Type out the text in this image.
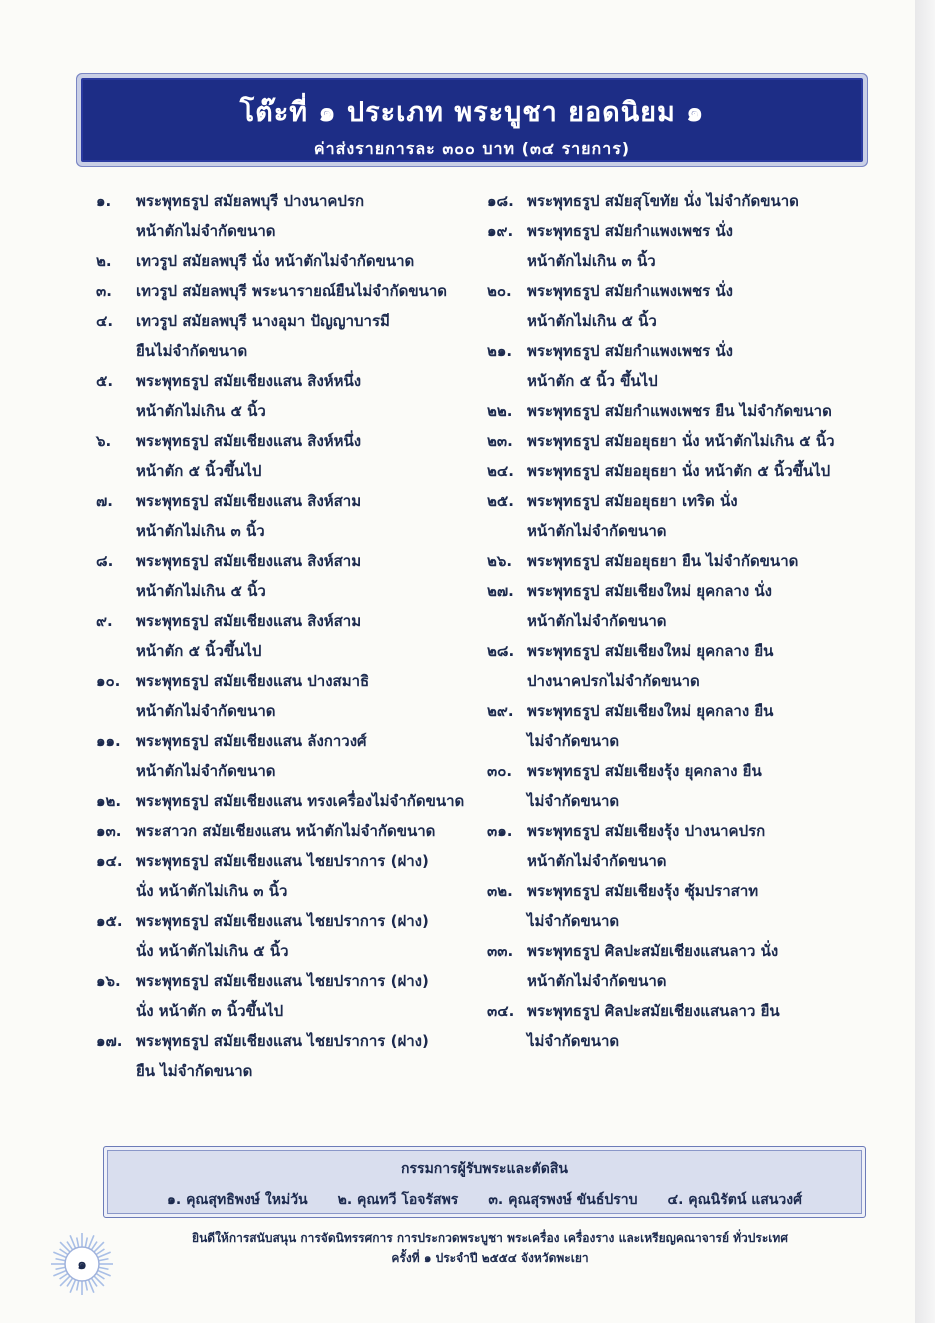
โต๊ะที่ ๑ ประเภท พระบูชา ยอดนิยม ๑
ค่าส่งรายการละ ๓๐๐ บาท (๓๔ รายการ)
๑.	พระพุทธรูป สมัยลพบุรี ปางนาคปรก
หน้าตักไม่จำกัดขนาด
๒.	เทวรูป สมัยลพบุรี นั่ง หน้าตักไม่จำกัดขนาด
๓.	เทวรูป สมัยลพบุรี พระนารายณ์ยืนไม่จำกัดขนาด
๔.	เทวรูป สมัยลพบุรี นางอุมา ปัญญาบารมี
ยืนไม่จำกัดขนาด
๕.	พระพุทธรูป สมัยเชียงแสน สิงห์หนึ่ง
หน้าตักไม่เกิน ๕ นิ้ว
๖.	พระพุทธรูป สมัยเชียงแสน สิงห์หนึ่ง
หน้าตัก ๕ นิ้วขึ้นไป
๗.	พระพุทธรูป สมัยเชียงแสน สิงห์สาม
หน้าตักไม่เกิน ๓ นิ้ว
๘.	พระพุทธรูป สมัยเชียงแสน สิงห์สาม
หน้าตักไม่เกิน ๕ นิ้ว
๙.	พระพุทธรูป สมัยเชียงแสน สิงห์สาม
หน้าตัก ๕ นิ้วขึ้นไป
๑๐.	พระพุทธรูป สมัยเชียงแสน ปางสมาธิ
หน้าตักไม่จำกัดขนาด
๑๑.	พระพุทธรูป สมัยเชียงแสน ลังกาวงศ์
หน้าตักไม่จำกัดขนาด
๑๒. พระพุทธรูป สมัยเชียงแสน ทรงเครื่องไม่จำกัดขนาด
๑๓. พระสาวก สมัยเชียงแสน หน้าตักไม่จำกัดขนาด
๑๔. พระพุทธรูป สมัยเชียงแสน ไชยปราการ (ฝาง)
นั่ง หน้าตักไม่เกิน ๓ นิ้ว
๑๕. พระพุทธรูป สมัยเชียงแสน ไชยปราการ (ฝาง)
นั่ง หน้าตักไม่เกิน ๕ นิ้ว
๑๖.	พระพุทธรูป สมัยเชียงแสน ไชยปราการ (ฝาง)
นั่ง หน้าตัก ๓ นิ้วขึ้นไป
๑๗. พระพุทธรูป สมัยเชียงแสน ไชยปราการ (ฝาง)
ยืน ไม่จำกัดขนาด
๑๘. พระพุทธรูป สมัยสุโขทัย นั่ง ไม่จำกัดขนาด
๑๙. พระพุทธรูป สมัยกำแพงเพชร นั่ง
หน้าตักไม่เกิน ๓ นิ้ว
๒๐.	พระพุทธรูป สมัยกำแพงเพชร นั่ง
หน้าตักไม่เกิน ๕ นิ้ว
๒๑. พระพุทธรูป สมัยกำแพงเพชร นั่ง
หน้าตัก ๕ นิ้ว ขึ้นไป
๒๒. พระพุทธรูป สมัยกำแพงเพชร ยืน ไม่จำกัดขนาด
๒๓. พระพุทธรูป สมัยอยุธยา นั่ง หน้าตักไม่เกิน ๕ นิ้ว
๒๔. พระพุทธรูป สมัยอยุธยา นั่ง หน้าตัก ๕ นิ้วขึ้นไป
๒๕. พระพุทธรูป สมัยอยุธยา เทริด นั่ง
หน้าตักไม่จำกัดขนาด
๒๖. พระพุทธรูป สมัยอยุธยา ยืน ไม่จำกัดขนาด
๒๗. พระพุทธรูป สมัยเชียงใหม่ ยุคกลาง นั่ง
หน้าตักไม่จำกัดขนาด
๒๘. พระพุทธรูป สมัยเชียงใหม่ ยุคกลาง ยืน
ปางนาคปรกไม่จำกัดขนาด
๒๙. พระพุทธรูป สมัยเชียงใหม่ ยุคกลาง ยืน
ไม่จำกัดขนาด
๓๐. พระพุทธรูป สมัยเชียงรุ้ง ยุคกลาง ยืน
ไม่จำกัดขนาด
๓๑. พระพุทธรูป สมัยเชียงรุ้ง ปางนาคปรก
หน้าตักไม่จำกัดขนาด
๓๒. พระพุทธรูป สมัยเชียงรุ้ง ซุ้มปราสาท
ไม่จำกัดขนาด
๓๓. พระพุทธรูป ศิลปะสมัยเชียงแสนลาว นั่ง
หน้าตักไม่จำกัดขนาด
๓๔. พระพุทธรูป ศิลปะสมัยเชียงแสนลาว ยืน
ไม่จำกัดขนาด
กรรมการผู้รับพระและตัดสิน
๑. คุณสุทธิพงษ์ ใหม่วัน ๒. คุณทวี โอจรัสพร ๓. คุณสุรพงษ์ ขันธ์ปราบ ๔. คุณนิรัตน์ แสนวงศ์
ยินดีให้การสนับสนุน การจัดนิทรรศการ การประกวดพระบูชา พระเครื่อง เครื่องราง และเหรียญคณาจารย์ ทั่วประเทศ
ครั้งที่ ๑ ประจำปี ๒๕๕๔ จังหวัดพะเยา
๑
